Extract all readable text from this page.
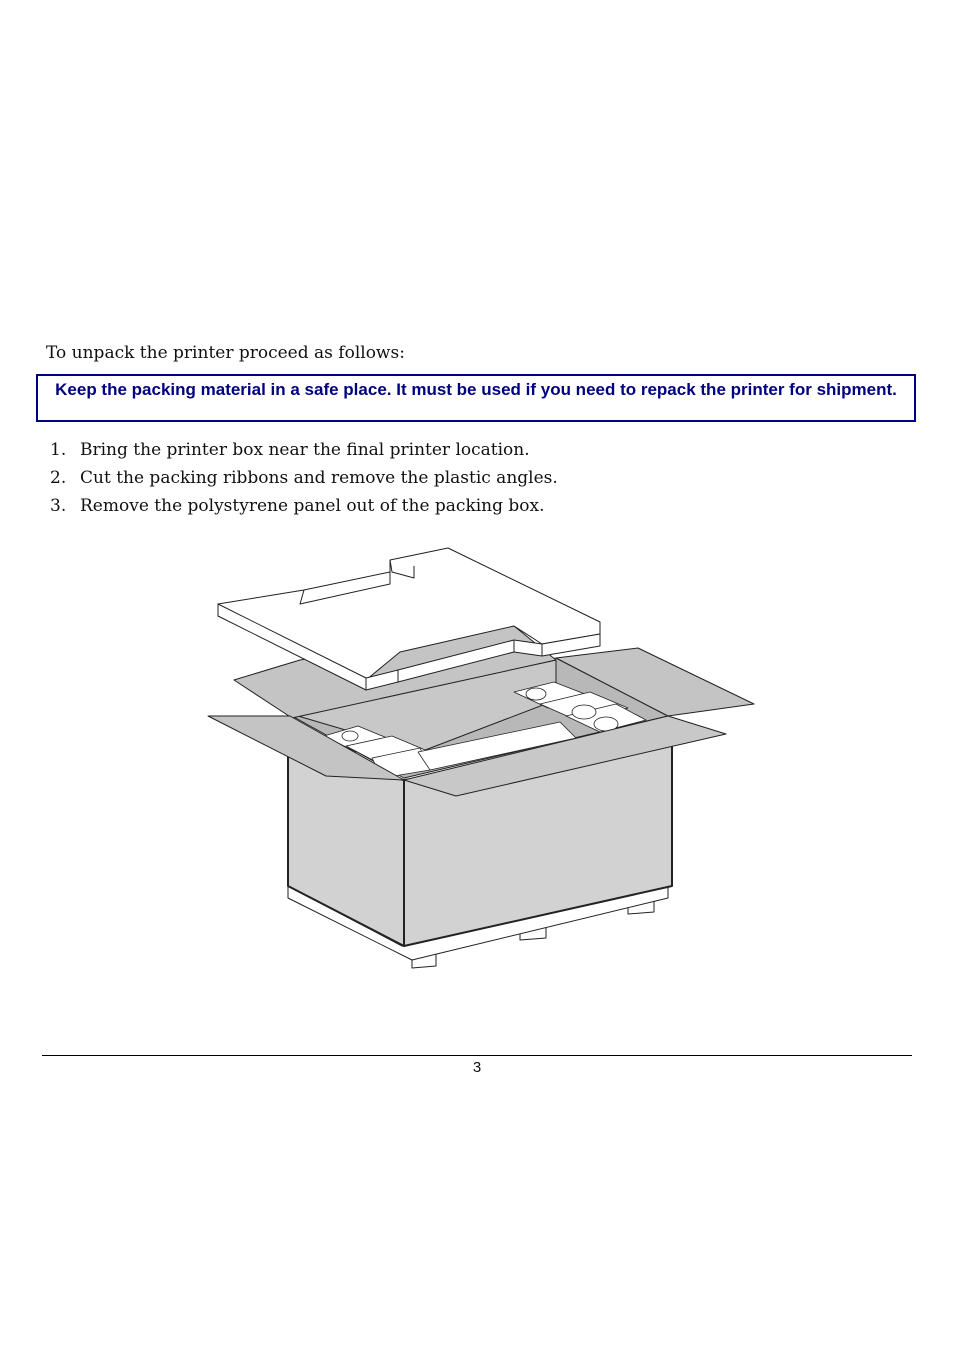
To unpack the printer proceed as follows:
Keep the packing material in a safe place. It must be used if you need to repack the printer for shipment.
1. Bring the printer box near the final printer location.
2. Cut the packing ribbons and remove the plastic angles.
3. Remove the polystyrene panel out of the packing box.
3
